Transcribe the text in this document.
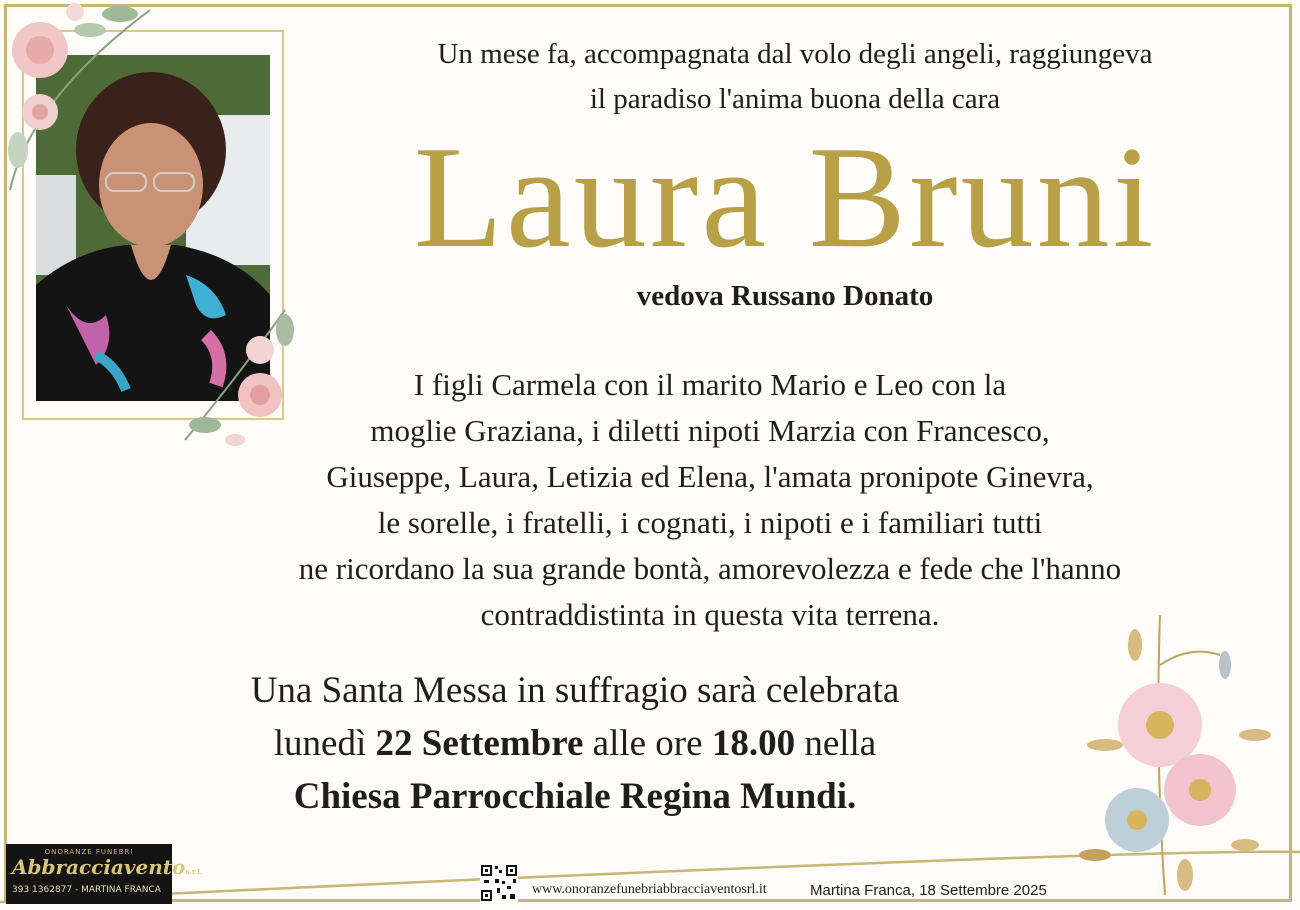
Un mese fa, accompagnata dal volo degli angeli, raggiungeva
il paradiso l'anima buona della cara
Laura Bruni
vedova Russano Donato
I figli Carmela con il marito Mario e Leo con la
moglie Graziana, i diletti nipoti Marzia con Francesco,
Giuseppe, Laura, Letizia ed Elena, l'amata pronipote Ginevra,
le sorelle, i fratelli, i cognati, i nipoti e i familiari tutti
ne ricordano la sua grande bontà, amorevolezza e fede che l'hanno
contraddistinta in questa vita terrena.
Una Santa Messa in suffragio sarà celebrata
lunedì 22 Settembre alle ore 18.00 nella
Chiesa Parrocchiale Regina Mundi.
ONORANZE FUNEBRI
Abbracciaventos.r.l.
393 1362877 - MARTINA FRANCA	www.onoranzefunebriabbracciaventosrl.it	Martina Franca, 18 Settembre 2025
